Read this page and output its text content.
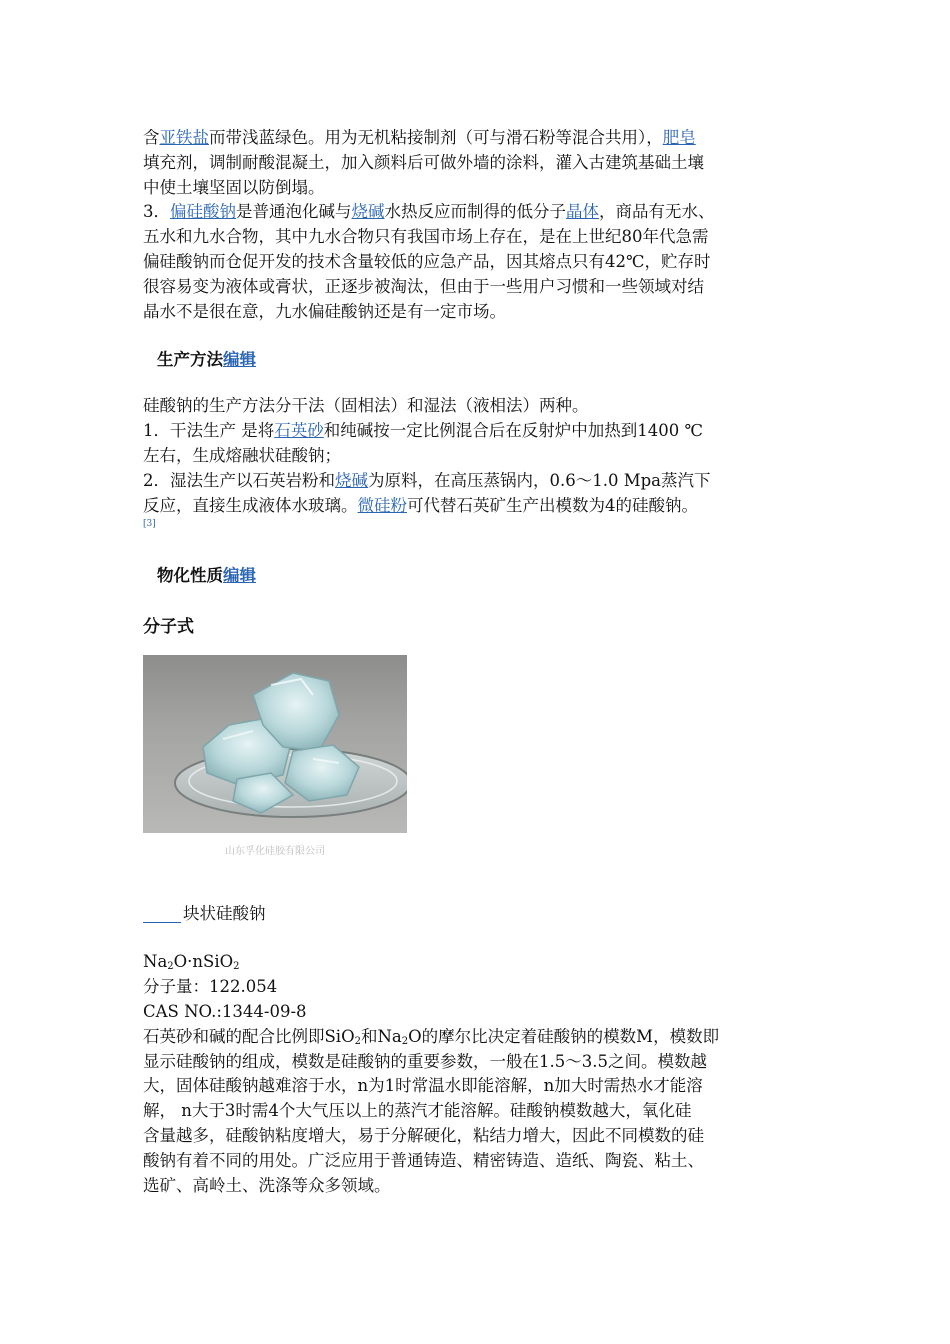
含亚铁盐而带浅蓝绿色。用为无机粘接制剂（可与滑石粉等混合共用），肥皂

填充剂，调制耐酸混凝土，加入颜料后可做外墙的涂料，灌入古建筑基础土壤

中使土壤坚固以防倒塌。

3．偏硅酸钠是普通泡化碱与烧碱水热反应而制得的低分子晶体，商品有无水、

五水和九水合物，其中九水合物只有我国市场上存在，是在上世纪80年代急需

偏硅酸钠而仓促开发的技术含量较低的应急产品，因其熔点只有42℃，贮存时

很容易变为液体或膏状，正逐步被淘汰，但由于一些用户习惯和一些领域对结

晶水不是很在意，九水偏硅酸钠还是有一定市场。

生产方法编辑

硅酸钠的生产方法分干法（固相法）和湿法（液相法）两种。

1．干法生产 是将石英砂和纯碱按一定比例混合后在反射炉中加热到1400 ℃

左右，生成熔融状硅酸钠；

2．湿法生产以石英岩粉和烧碱为原料，在高压蒸锅内，0.6～1.0 Mpa蒸汽下

反应，直接生成液体水玻璃。微硅粉可代替石英矿生产出模数为4的硅酸钠。

[3]

物化性质编辑

分子式

山东孚化硅胶有限公司

块状硅酸钠

$Na_2O\cdot nSiO_2$

分子量：122.054

CAS NO.:1344-09-8

石英砂和碱的配合比例即SiO$_2$和$Na_2O$的摩尔比决定着硅酸钠的模数M，模数即

显示硅酸钠的组成，模数是硅酸钠的重要参数，一般在1.5～3.5之间。模数越

大，固体硅酸钠越难溶于水，n为1时常温水即能溶解，n加大时需热水才能溶

解， n大于3时需4个大气压以上的蒸汽才能溶解。硅酸钠模数越大，氧化硅

含量越多，硅酸钠粘度增大，易于分解硬化，粘结力增大，因此不同模数的硅

酸钠有着不同的用处。广泛应用于普通铸造、精密铸造、造纸、陶瓷、粘土、

选矿、高岭土、洗涤等众多领域。
